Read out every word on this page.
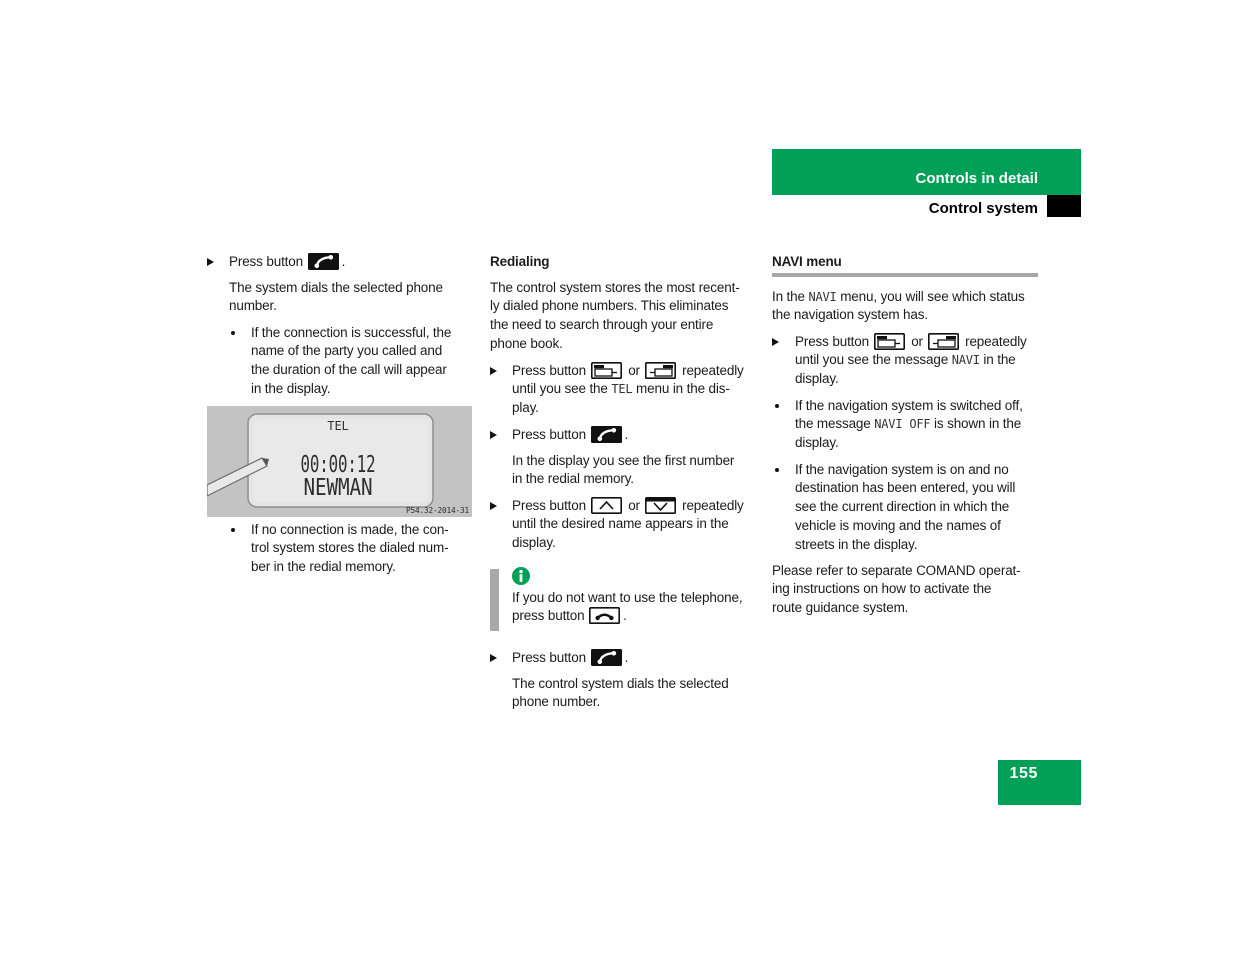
Controls in detail
Control system
Press button	.
The system dials the selected phone
number.
If the connection is successful, the
name of the party you called and
the duration of the call will appear
in the display.
TEL
00:00:12
NEWMAN
P54.32-2014-31
If no connection is made, the con-
trol system stores the dialed num-
ber in the redial memory.
Redialing
The control system stores the most recent-
ly dialed phone numbers. This eliminates
the need to search through your entire
phone book.
Press button	or	repeatedly
until you see the TEL menu in the dis-
play.
Press button	.
In the display you see the first number
in the redial memory.
Press button	or	repeatedly
until the desired name appears in the
display.
If you do not want to use the telephone,
press button	.
Press button	.
The control system dials the selected
phone number.
NAVI menu
In the NAVI menu, you will see which status
the navigation system has.
Press button	or	repeatedly
until you see the message NAVI in the
display.
If the navigation system is switched off,
the message NAVI OFF is shown in the
display.
If the navigation system is on and no
destination has been entered, you will
see the current direction in which the
vehicle is moving and the names of
streets in the display.
Please refer to separate COMAND operat-
ing instructions on how to activate the
route guidance system.
155
